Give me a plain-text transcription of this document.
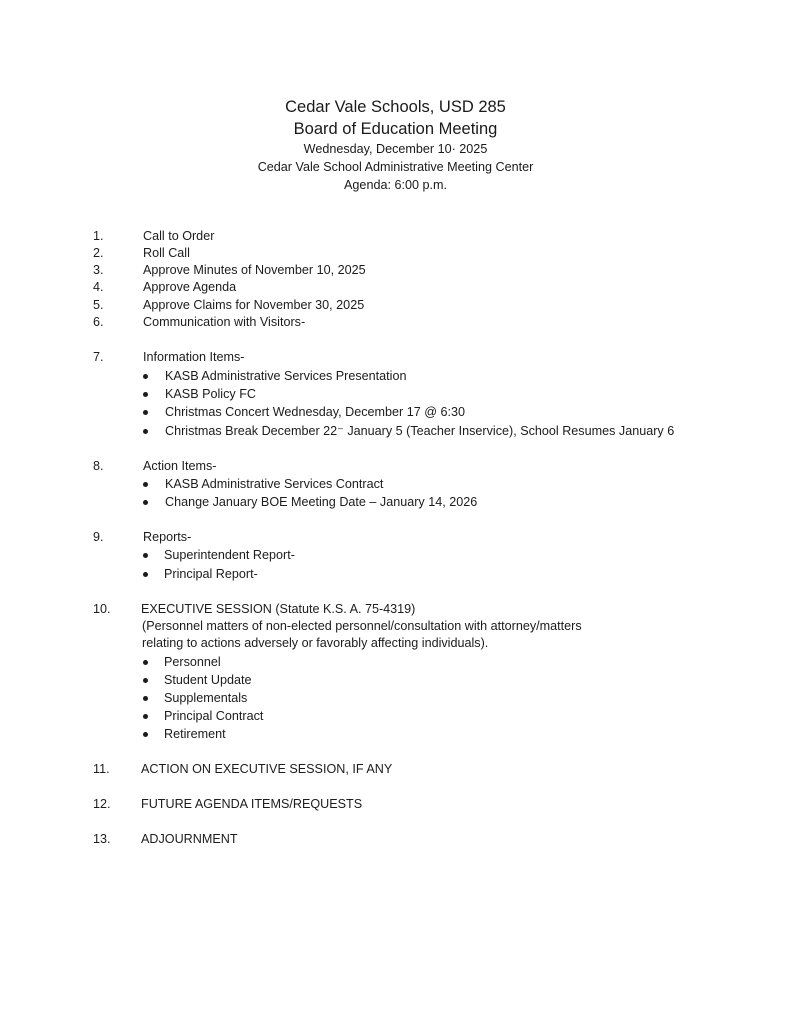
Cedar Vale Schools, USD 285
Board of Education Meeting
Wednesday, December 10· 2025
Cedar Vale School Administrative Meeting Center
Agenda: 6:00 p.m.
1.	Call to Order
2.	Roll Call
3.	Approve Minutes of November 10, 2025
4.	Approve Agenda
5.	Approve Claims for November 30, 2025
6.	Communication with Visitors-
7.	Information Items-
KASB Administrative Services Presentation
KASB Policy FC
Christmas Concert Wednesday, December 17 @ 6:30
Christmas Break December 22⁻ January 5 (Teacher Inservice), School Resumes January 6
8.	Action Items-
KASB Administrative Services Contract
Change January BOE Meeting Date – January 14, 2026
9.	Reports-
Superintendent Report-
Principal Report-
10. EXECUTIVE SESSION (Statute K.S. A. 75-4319)
(Personnel matters of non-elected personnel/consultation with attorney/matters
relating to actions adversely or favorably affecting individuals).
Personnel
Student Update
Supplementals
Principal Contract
Retirement
11. ACTION ON EXECUTIVE SESSION, IF ANY
12. FUTURE AGENDA ITEMS/REQUESTS
13. ADJOURNMENT
